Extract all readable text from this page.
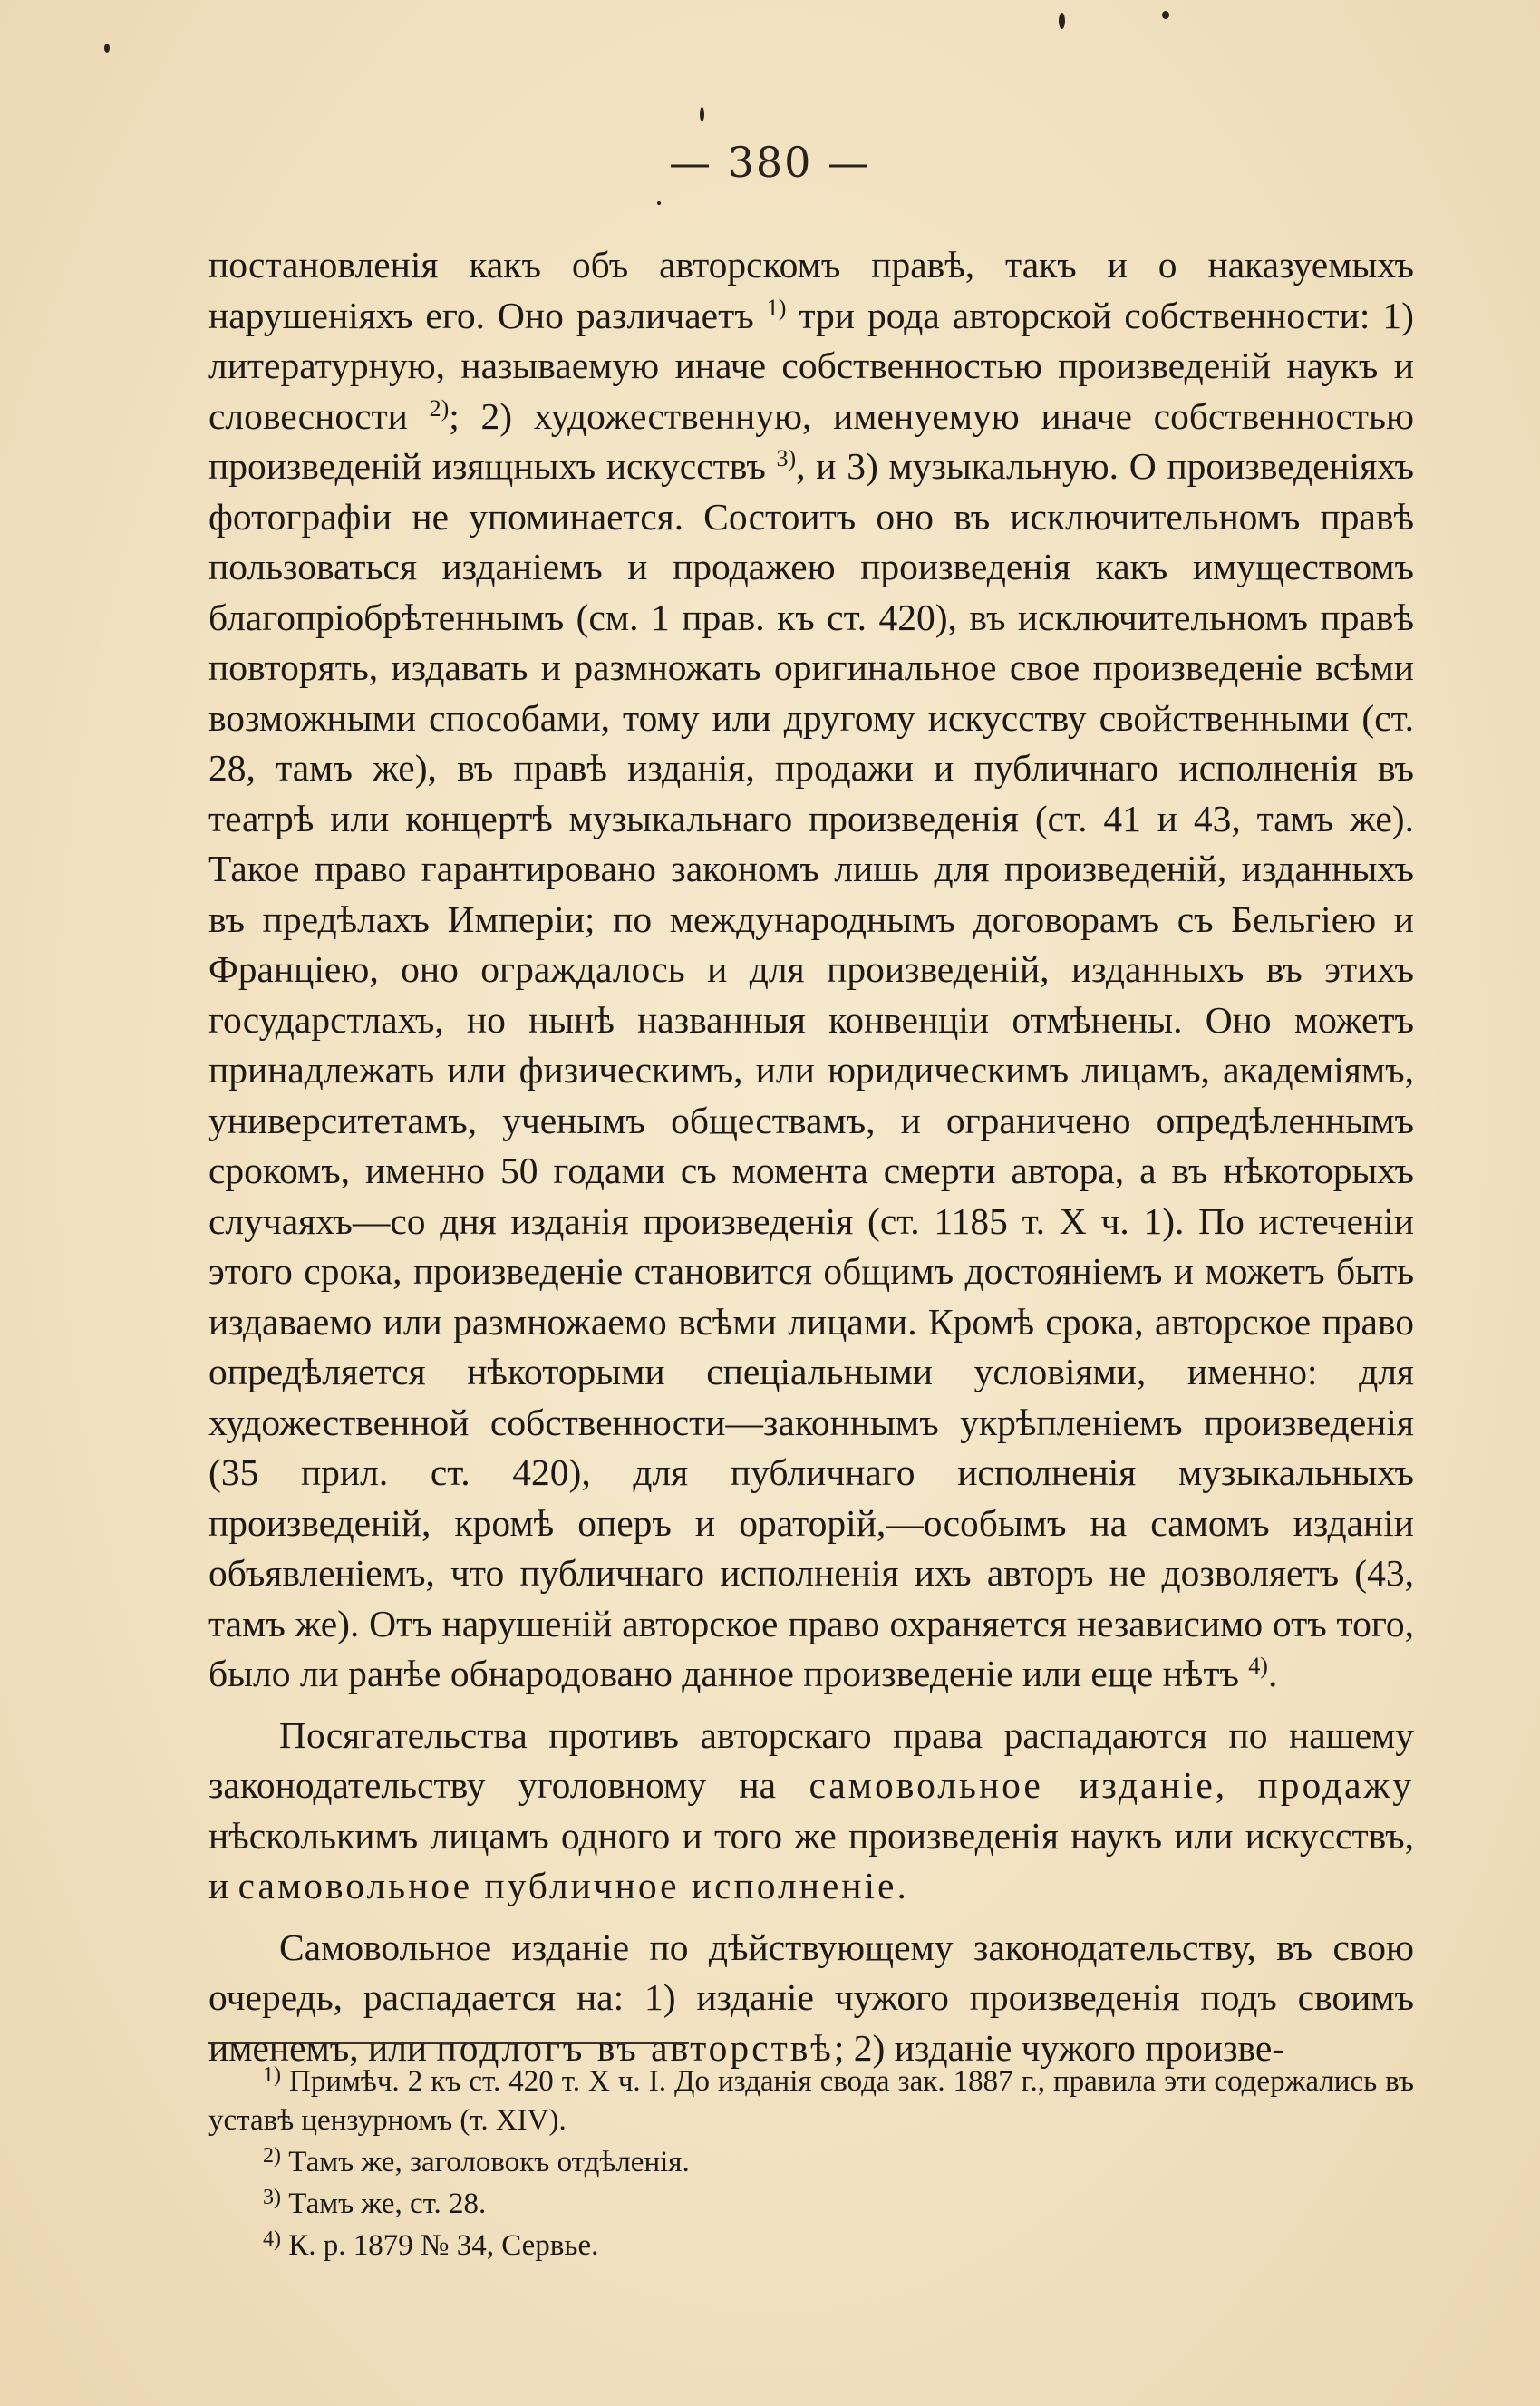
— 380 —

постановленія какъ объ авторскомъ правѣ, такъ и о наказуемыхъ нарушеніяхъ его. Оно различаетъ $^{1)}$ три рода авторской собственности: 1) литературную, называемую иначе собственностью произведеній наукъ и словесности $^{2)}$; 2) художественную, именуемую иначе собственностью произведеній изящныхъ искусствъ $^{3)}$, и 3) музыкальную. О произведеніяхъ фотографіи не упоминается. Состоитъ оно въ исключительномъ правѣ пользоваться изданіемъ и продажею произведенія какъ имуществомъ благопріобрѣтеннымъ (см. 1 прав. къ ст. 420), въ исключительномъ правѣ повторять, издавать и размножать оригинальное свое произведеніе всѣми возможными способами, тому или другому искусству свойственными (ст. 28, тамъ же), въ правѣ изданія, продажи и публичнаго исполненія въ театрѣ или концертѣ музыкальнаго произведенія (ст. 41 и 43, тамъ же). Такое право гарантировано закономъ лишь для произведеній, изданныхъ въ предѣлахъ Имперіи; по международнымъ договорамъ съ Бельгіею и Франціею, оно ограждалось и для произведеній, изданныхъ въ этихъ государстлахъ, но нынѣ названныя конвенціи отмѣнены. Оно можетъ принадлежать или физическимъ, или юридическимъ лицамъ, академіямъ, университетамъ, ученымъ обществамъ, и ограничено опредѣленнымъ срокомъ, именно 50 годами съ момента смерти автора, а въ нѣкоторыхъ случаяхъ—со дня изданія произведенія (ст. 1185 т. X ч. 1). По истеченіи этого срока, произведеніе становится общимъ достояніемъ и можетъ быть издаваемо или размножаемо всѣми лицами. Кромѣ срока, авторское право опредѣляется нѣкоторыми спеціальными условіями, именно: для художественной собственности—законнымъ укрѣпленіемъ произведенія (35 прил. ст. 420), для публичнаго исполненія музыкальныхъ произведеній, кромѣ оперъ и ораторій,—особымъ на самомъ изданіи объявленіемъ, что публичнаго исполненія ихъ авторъ не дозволяетъ (43, тамъ же). Отъ нарушеній авторское право охраняется независимо отъ того, было ли ранѣе обнародовано данное произведеніе или еще нѣтъ $^{4)}$.

Посягательства противъ авторскаго права распадаются по нашему законодательству уголовному на самовольное изданіе, продажу нѣсколькимъ лицамъ одного и того же произведенія наукъ или искусствъ, и самовольное публичное исполненіе.

Самовольное изданіе по дѣйствующему законодательству, въ свою очередь, распадается на: 1) изданіе чужого произведенія подъ своимъ именемъ, или подлогъ въ авторствѣ; 2) изданіе чужого произве-

$^{1)}$ Примѣч. 2 къ ст. 420 т. X ч. I. До изданія свода зак. 1887 г., правила эти содержались въ уставѣ цензурномъ (т. XIV).

$^{2)}$ Тамъ же, заголовокъ отдѣленія.

$^{3)}$ Тамъ же, ст. 28.

$^{4)}$ К. р. 1879 № 34, Сервье.
